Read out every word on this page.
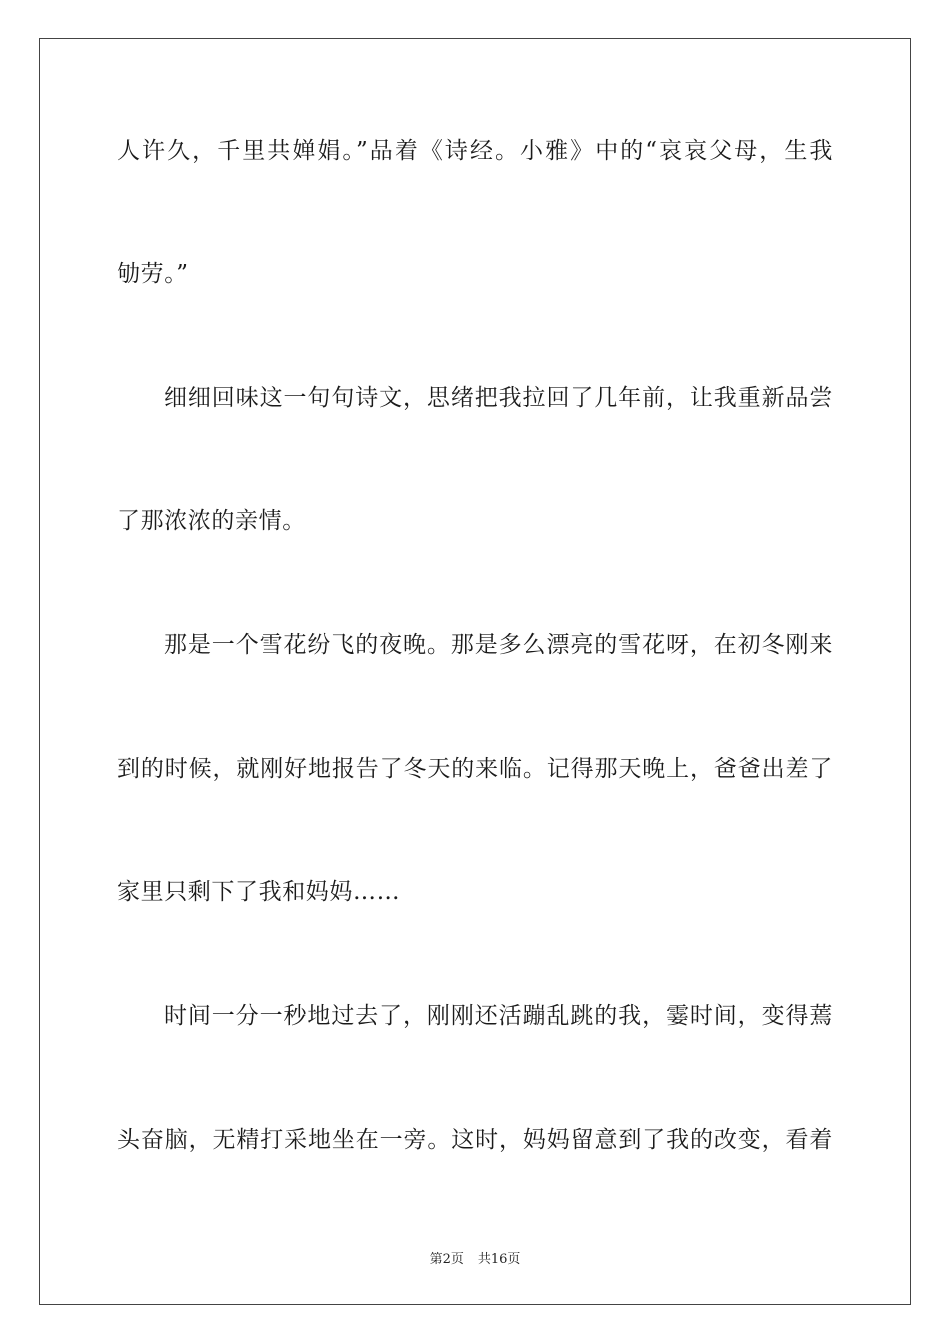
人许久，千里共婵娟。”品着《诗经。小雅》中的“哀哀父母，生我
劬劳。”
细细回味这一句句诗文，思绪把我拉回了几年前，让我重新品尝
了那浓浓的亲情。
那是一个雪花纷飞的夜晚。那是多么漂亮的雪花呀，在初冬刚来
到的时候，就刚好地报告了冬天的来临。记得那天晚上，爸爸出差了
家里只剩下了我和妈妈……
时间一分一秒地过去了，刚刚还活蹦乱跳的我，霎时间，变得蔫
头奋脑，无精打采地坐在一旁。这时，妈妈留意到了我的改变，看着
第2页 共16页
